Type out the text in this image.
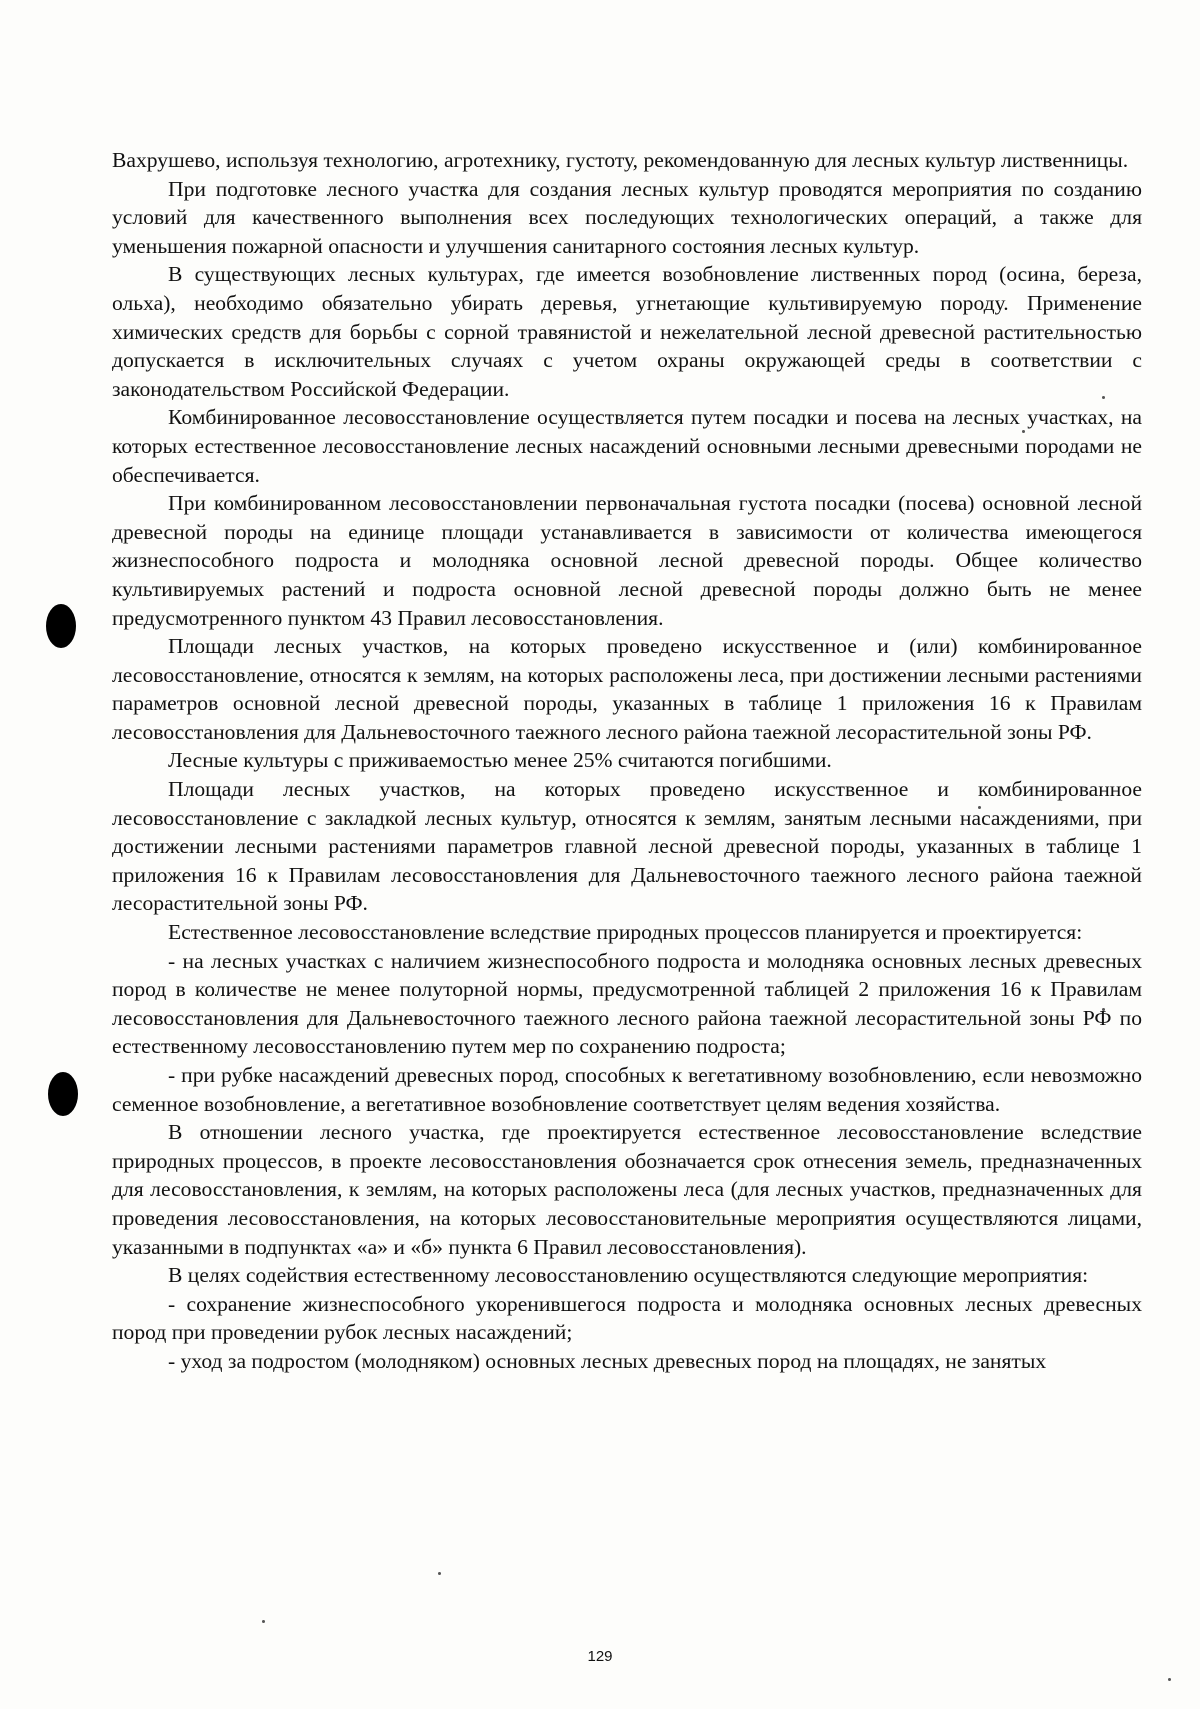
Вахрушево, используя технологию, агротехнику, густоту, рекомендованную для лесных культур лиственницы.

При подготовке лесного участка для создания лесных культур проводятся мероприятия по созданию условий для качественного выполнения всех последующих технологических операций, а также для уменьшения пожарной опасности и улучшения санитарного состояния лесных культур.

В существующих лесных культурах, где имеется возобновление лиственных пород (осина, береза, ольха), необходимо обязательно убирать деревья, угнетающие культивируемую породу. Применение химических средств для борьбы с сорной травянистой и нежелательной лесной древесной растительностью допускается в исключительных случаях с учетом охраны окружающей среды в соответствии с законодательством Российской Федерации.

Комбинированное лесовосстановление осуществляется путем посадки и посева на лесных участках, на которых естественное лесовосстановление лесных насаждений основными лесными древесными породами не обеспечивается.

При комбинированном лесовосстановлении первоначальная густота посадки (посева) основной лесной древесной породы на единице площади устанавливается в зависимости от количества имеющегося жизнеспособного подроста и молодняка основной лесной древесной породы. Общее количество культивируемых растений и подроста основной лесной древесной породы должно быть не менее предусмотренного пунктом 43 Правил лесовосстановления.

Площади лесных участков, на которых проведено искусственное и (или) комбинированное лесовосстановление, относятся к землям, на которых расположены леса, при достижении лесными растениями параметров основной лесной древесной породы, указанных в таблице 1 приложения 16 к Правилам лесовосстановления для Дальневосточного таежного лесного района таежной лесорастительной зоны РФ.

Лесные культуры с приживаемостью менее 25% считаются погибшими.

Площади лесных участков, на которых проведено искусственное и комбинированное лесовосстановление с закладкой лесных культур, относятся к землям, занятым лесными насаждениями, при достижении лесными растениями параметров главной лесной древесной породы, указанных в таблице 1 приложения 16 к Правилам лесовосстановления для Дальневосточного таежного лесного района таежной лесорастительной зоны РФ.

Естественное лесовосстановление вследствие природных процессов планируется и проектируется:

- на лесных участках с наличием жизнеспособного подроста и молодняка основных лесных древесных пород в количестве не менее полуторной нормы, предусмотренной таблицей 2 приложения 16 к Правилам лесовосстановления для Дальневосточного таежного лесного района таежной лесорастительной зоны РФ по естественному лесовосстановлению путем мер по сохранению подроста;

- при рубке насаждений древесных пород, способных к вегетативному возобновлению, если невозможно семенное возобновление, а вегетативное возобновление соответствует целям ведения хозяйства.

В отношении лесного участка, где проектируется естественное лесовосстановление вследствие природных процессов, в проекте лесовосстановления обозначается срок отнесения земель, предназначенных для лесовосстановления, к землям, на которых расположены леса (для лесных участков, предназначенных для проведения лесовосстановления, на которых лесовосстановительные мероприятия осуществляются лицами, указанными в подпунктах «а» и «б» пункта 6 Правил лесовосстановления).

В целях содействия естественному лесовосстановлению осуществляются следующие мероприятия:

- сохранение жизнеспособного укоренившегося подроста и молодняка основных лесных древесных пород при проведении рубок лесных насаждений;

- уход за подростом (молодняком) основных лесных древесных пород на площадях, не занятых

129
